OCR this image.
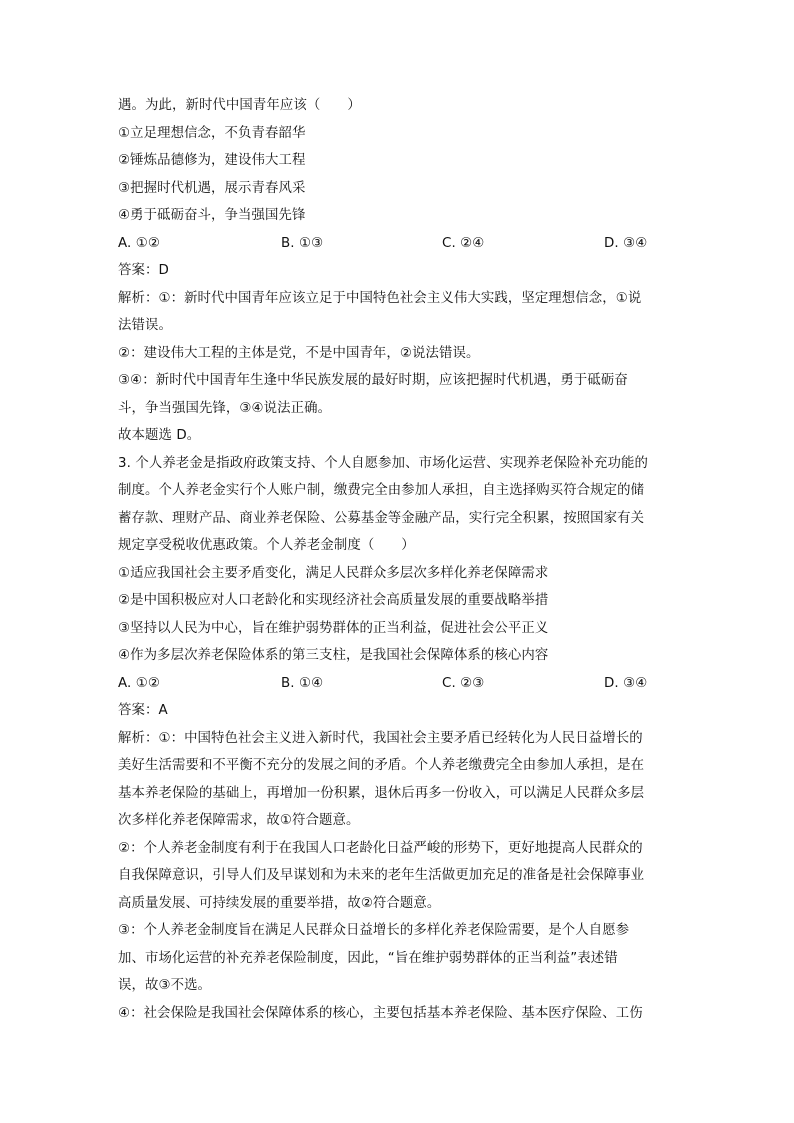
遇。为此，新时代中国青年应该（　　）
①立足理想信念，不负青春韶华
②锤炼品德修为，建设伟大工程
③把握时代机遇，展示青春风采
④勇于砥砺奋斗，争当强国先锋
A. ①②	B. ①③	C. ②④	D. ③④
答案：D
解析：①：新时代中国青年应该立足于中国特色社会主义伟大实践，坚定理想信念，①说
法错误。
②：建设伟大工程的主体是党，不是中国青年，②说法错误。
③④：新时代中国青年生逢中华民族发展的最好时期，应该把握时代机遇，勇于砥砺奋
斗，争当强国先锋，③④说法正确。
故本题选 D。
3. 个人养老金是指政府政策支持、个人自愿参加、市场化运营、实现养老保险补充功能的
制度。个人养老金实行个人账户制，缴费完全由参加人承担，自主选择购买符合规定的储
蓄存款、理财产品、商业养老保险、公募基金等金融产品，实行完全积累，按照国家有关
规定享受税收优惠政策。个人养老金制度（　　）
①适应我国社会主要矛盾变化，满足人民群众多层次多样化养老保障需求
②是中国积极应对人口老龄化和实现经济社会高质量发展的重要战略举措
③坚持以人民为中心，旨在维护弱势群体的正当利益，促进社会公平正义
④作为多层次养老保险体系的第三支柱，是我国社会保障体系的核心内容
A. ①②	B. ①④	C. ②③	D. ③④
答案：A
解析：①：中国特色社会主义进入新时代，我国社会主要矛盾已经转化为人民日益增长的
美好生活需要和不平衡不充分的发展之间的矛盾。个人养老缴费完全由参加人承担，是在
基本养老保险的基础上，再增加一份积累，退休后再多一份收入，可以满足人民群众多层
次多样化养老保障需求，故①符合题意。
②：个人养老金制度有利于在我国人口老龄化日益严峻的形势下，更好地提高人民群众的
自我保障意识，引导人们及早谋划和为未来的老年生活做更加充足的准备是社会保障事业
高质量发展、可持续发展的重要举措，故②符合题意。
③：个人养老金制度旨在满足人民群众日益增长的多样化养老保险需要，是个人自愿参
加、市场化运营的补充养老保险制度，因此，“旨在维护弱势群体的正当利益”表述错
误，故③不选。
④：社会保险是我国社会保障体系的核心，主要包括基本养老保险、基本医疗保险、工伤
